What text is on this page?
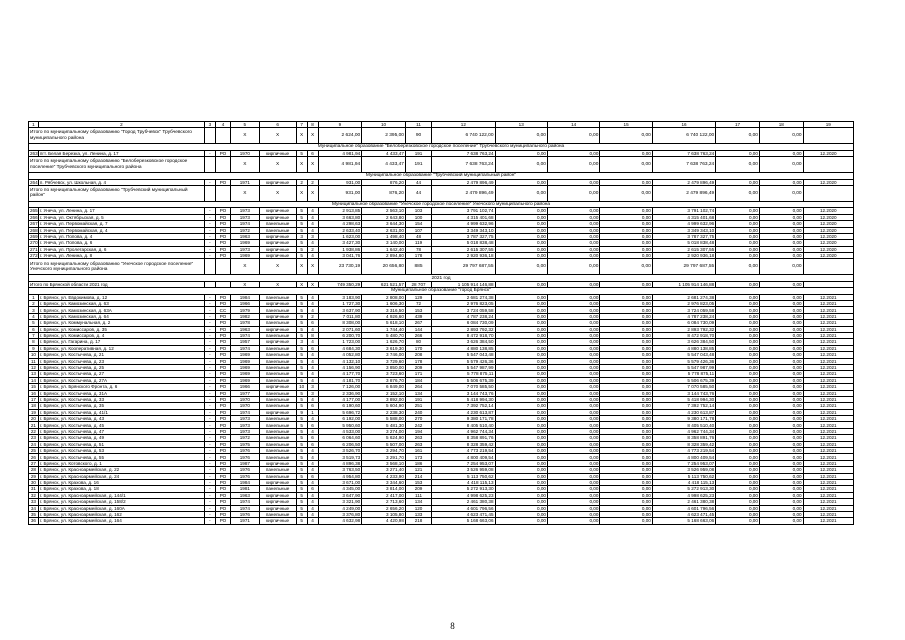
1	2	3	4	5	6	7	8	9	10	11	12	13	14	15	16	17	18	19
Итого по муниципальному образованию "Город Трубчевск" Трубчевского муниципального района				X	X	X	X	2 624,00	2 395,00	90	6 740 122,00	0,00	0,00	0,00	6 740 122,00	0,00	0,00	
Муниципальное образование "Белоберезковское городское поселение" Трубчевского муниципального района																		
263	пгт. Белая Березка, ул. Ленина, д. 17	-	РО	1970	кирпичные	5	6	4 981,94	4 433,47	191	7 638 763,24	0,00	0,00	0,00	7 638 763,24	0,00	0,00	12.2020
Итого по муниципальному образованию "Белоберезковское городское поселение" Трубчевского муниципального района				X	X	X	X	4 981,94	4 433,47	191	7 638 763,24	0,00	0,00	0,00	7 638 763,24	0,00	0,00	
Муниципальное образование "Трубчевский муниципальный район"																		
264	п. Рябчевск, ул. Школьная, д. 4	-	РО	1971	кирпичные	2	2	931,00	876,20	44	2 479 896,49	0,00	0,00	0,00	2 479 896,49	0,00	0,00	12.2020
Итого по муниципальному образованию "Трубчевский муниципальный район"				X	X	X	X	931,00	876,20	44	2 479 896,49	0,00	0,00	0,00	2 479 896,49	0,00	0,00	
Муниципальное образование "Унечское городское поселение" Унечского муниципального района																		
265	г. Унеча, ул. Ленина, д. 17	-	РО	1973	кирпичные	5	4	2 913,85	2 563,10	103	3 791 102,74	0,00	0,00	0,00	3 791 102,74	0,00	0,00	12.2020
266	г. Унеча, ул. Октябрьская, д. 5	-	РО	1973	кирпичные	5	4	3 663,80	2 643,80	100	4 315 401,68	0,00	0,00	0,00	4 315 401,68	0,00	0,00	12.2020
267	г. Унеча, ул. Первомайская, д. 7	-	РО	1974	панельные	5	4	4 298,63	3 644,30	154	4 999 632,96	0,00	0,00	0,00	4 999 632,96	0,00	0,00	12.2020
268	г. Унеча, ул. Первомайская, д. 4	-	РО	1972	панельные	5	4	2 633,40	2 631,00	107	3 349 343,10	0,00	0,00	0,00	3 349 343,10	0,00	0,00	12.2020
269	г. Унеча, ул. Попова, д. 4	-	РО	1963	кирпичные	3	3	1 623,00	1 498,40	48	3 787 327,75	0,00	0,00	0,00	3 787 327,75	0,00	0,00	12.2020
270	г. Унеча, ул. Попова, д. 6	-	РО	1969	кирпичные	5	4	3 427,30	3 140,00	119	5 018 838,48	0,00	0,00	0,00	5 018 838,48	0,00	0,00	12.2020
271	г. Унеча, ул. Пролетарская, д. 6	-	РО	1973	кирпичные	5	2	1 938,86	1 642,40	78	2 615 307,55	0,00	0,00	0,00	2 615 307,55	0,00	0,00	12.2020
272	г. Унеча, ул. Ленина, д. 8	-	РО	1969	кирпичные	5	4	3 041,76	2 894,80	178	2 920 936,18	0,00	0,00	0,00	2 920 936,18	0,00	0,00	12.2020
Итого по муниципальному образованию "Унечское городское поселение" Унечского муниципального района				X	X	X	X	23 730,19	20 656,80	885	29 797 687,55	0,00	0,00	0,00	29 797 687,55	0,00	0,00	
2021 год																		
Итого по Брянской области 2021 год				X	X	X	X	749 350,29	621 521,57	28 707	1 105 914 146,88	0,00	0,00	0,00	1 105 914 146,88	0,00	0,00	
Муниципальное образование "город Брянск"																		
1	г. Брянск, ул. Евдокимова, д. 12	-	РО	1984	панельные	5	4	3 183,90	2 808,00	129	2 681 274,38	0,00	0,00	0,00	2 681 274,38	0,00	0,00	12.2021
2	г. Брянск, ул. Камозинская, д. 63	-	РО	1966	кирпичные	5	4	1 727,30	1 606,30	72	2 976 823,05	0,00	0,00	0,00	2 976 823,05	0,00	0,00	12.2021
3	г. Брянск, ул. Камозинская, д. 63А	-	СС	1979	панельные	5	4	3 637,90	3 316,50	153	3 724 059,58	0,00	0,00	0,00	3 724 059,58	0,00	0,00	12.2021
4	г. Брянск, ул. Камозинская, д. 64	-	РО	1982	кирпичные	9	2	7 011,80	4 926,60	439	4 787 238,24	0,00	0,00	0,00	4 787 238,24	0,00	0,00	12.2021
5	г. Брянск, ул. Коммунальная, д. 2	-	РО	1978	панельные	5	6	8 308,00	5 618,10	267	6 084 730,09	0,00	0,00	0,00	6 084 730,09	0,00	0,00	12.2021
6	г. Брянск, ул. Комиссаров, д. 35	-	РО	1963	кирпичные	5	4	2 071,60	1 744,40	144	2 893 792,32	0,00	0,00	0,00	2 893 792,32	0,00	0,00	12.2021
7	г. Брянск, ул. Комиссаров, д. 4	-	РО	1974	панельные	5	8	6 200,70	5 480,70	266	8 472 918,70	0,00	0,00	0,00	8 472 918,70	0,00	0,00	12.2021
8	г. Брянск, ул. Гагарина, д. 17	-	РО	1957	кирпичные	3	4	1 723,00	1 626,70	80	3 626 384,50	0,00	0,00	0,00	3 626 384,50	0,00	0,00	12.2021
9	г. Брянск, ул. Кооперативная, д. 12	-	РО	1974	панельные	5	6	4 684,30	3 619,30	170	4 880 138,85	0,00	0,00	0,00	4 880 138,85	0,00	0,00	12.2021
10	г. Брянск, ул. Костычева, д. 21	-	РО	1969	панельные	5	4	4 052,80	3 746,00	208	5 547 043,48	0,00	0,00	0,00	5 547 043,48	0,00	0,00	12.2021
11	г. Брянск, ул. Костычева, д. 23	-	РО	1969	панельные	5	4	4 132,10	3 729,60	178	5 579 426,36	0,00	0,00	0,00	5 579 426,36	0,00	0,00	12.2021
12	г. Брянск, ул. Костычева, д. 25	-	РО	1969	панельные	5	4	4 156,90	3 850,00	209	5 547 987,99	0,00	0,00	0,00	5 547 987,99	0,00	0,00	12.2021
13	г. Брянск, ул. Костычева, д. 27	-	РО	1969	панельные	5	4	4 177,70	3 723,60	171	5 778 875,11	0,00	0,00	0,00	5 778 875,11	0,00	0,00	12.2021
14	г. Брянск, ул. Костычева, д. 27А	-	РО	1969	панельные	5	4	4 181,70	3 876,70	184	5 506 675,39	0,00	0,00	0,00	5 506 675,39	0,00	0,00	12.2021
15	г. Брянск, ул. Брянского Фронта, д. 6	-	РО	1966	кирпичные	10	3	7 126,00	6 849,00	264	7 070 585,50	0,00	0,00	0,00	7 070 585,50	0,00	0,00	12.2021
16	г. Брянск, ул. Костычева, д. 31А	-	РО	1977	панельные	5	3	2 336,90	2 152,10	134	3 144 743,76	0,00	0,00	0,00	3 144 743,76	0,00	0,00	12.2021
17	г. Брянск, ул. Костычева, д. 33	-	РО	1970	панельные	5	4	4 177,00	3 892,00	191	5 418 994,30	0,00	0,00	0,00	5 418 994,30	0,00	0,00	12.2021
18	г. Брянск, ул. Костычева, д. 35	-	РО	1970	панельные	5	6	6 190,60	5 604,90	251	7 392 752,14	0,00	0,00	0,00	7 392 752,14	0,00	0,00	12.2021
19	г. Брянск, ул. Костычева, д. 41/1	-	РО	1974	кирпичные	9	1	5 696,72	2 238,30	240	4 230 613,87	0,00	0,00	0,00	4 230 613,87	0,00	0,00	12.2021
20	г. Брянск, ул. Костычева, д. 43	-	РО	1973	панельные	5	4	6 192,00	5 588,00	270	9 380 171,78	0,00	0,00	0,00	9 380 171,78	0,00	0,00	12.2021
21	г. Брянск, ул. Костычева, д. 45	-	РО	1973	панельные	5	6	5 950,60	5 481,30	242	8 405 510,40	0,00	0,00	0,00	8 405 510,40	0,00	0,00	12.2021
22	г. Брянск, ул. Костычева, д. 47	-	РО	1973	панельные	5	4	4 533,00	3 274,00	194	4 962 744,34	0,00	0,00	0,00	4 962 744,34	0,00	0,00	12.2021
23	г. Брянск, ул. Костычева, д. 49	-	РО	1972	панельные	5	6	6 064,60	5 624,90	263	8 358 891,76	0,00	0,00	0,00	8 358 891,76	0,00	0,00	12.2021
24	г. Брянск, ул. Костычева, д. 51	-	РО	1975	панельные	5	6	6 206,50	5 507,00	263	8 328 359,42	0,00	0,00	0,00	8 328 359,42	0,00	0,00	12.2021
25	г. Брянск, ул. Костычева, д. 53	-	РО	1976	панельные	5	4	3 526,70	3 294,70	161	4 773 219,54	0,00	0,00	0,00	4 773 219,54	0,00	0,00	12.2021
26	г. Брянск, ул. Костычева, д. 55	-	РО	1976	панельные	5	4	3 519,73	3 291,70	173	4 800 409,54	0,00	0,00	0,00	4 800 409,54	0,00	0,00	12.2021
27	г. Брянск, ул. Котовского, д. 1	-	РО	1987	кирпичные	5	4	4 896,38	3 568,10	186	7 254 953,07	0,00	0,00	0,00	7 254 953,07	0,00	0,00	12.2021
28	г. Брянск, ул. Красноармейская, д. 22	-	РО	1976	панельные	5	4	3 763,50	3 271,40	121	3 526 959,08	0,00	0,00	0,00	3 526 959,08	0,00	0,00	12.2021
29	г. Брянск, ул. Красноармейская, д. 24	-	РО	1976	панельные	5	6	4 954,80	4 233,90	214	5 113 750,62	0,00	0,00	0,00	5 113 750,62	0,00	0,00	12.2021
30	г. Брянск, ул. Крахова, д. 16	-	РО	1984	кирпичные	5	4	3 671,00	3 344,60	153	4 418 115,13	0,00	0,00	0,00	4 418 115,13	0,00	0,00	12.2021
31	г. Брянск, ул. Крахова, д. 18	-	РО	1981	панельные	5	6	4 345,00	3 814,00	209	5 272 913,30	0,00	0,00	0,00	5 272 913,30	0,00	0,00	12.2021
32	г. Брянск, ул. Красноармейская, д. 144/1	-	РО	1963	кирпичные	5	4	3 647,90	2 417,00	111	4 998 625,23	0,00	0,00	0,00	4 998 625,23	0,00	0,00	12.2021
33	г. Брянск, ул. Красноармейская, д. 158/2	-	РО	1974	кирпичные	5	4	3 321,90	2 713,60	134	2 461 380,38	0,00	0,00	0,00	2 461 380,38	0,00	0,00	12.2021
34	г. Брянск, ул. Красноармейская, д. 160А	-	РО	1974	кирпичные	5	4	4 249,00	2 656,20	120	4 601 796,56	0,00	0,00	0,00	4 601 796,56	0,00	0,00	12.2021
35	г. Брянск, ул. Красноармейская, д. 162	-	РО	1976	панельные	5	4	3 376,80	3 105,80	133	4 623 471,45	0,00	0,00	0,00	4 623 471,45	0,00	0,00	12.2021
36	г. Брянск, ул. Красноармейская, д. 164	-	РО	1971	кирпичные	5	4	4 632,98	4 420,98	218	5 168 663,06	0,00	0,00	0,00	5 168 663,06	0,00	0,00	12.2021
8
